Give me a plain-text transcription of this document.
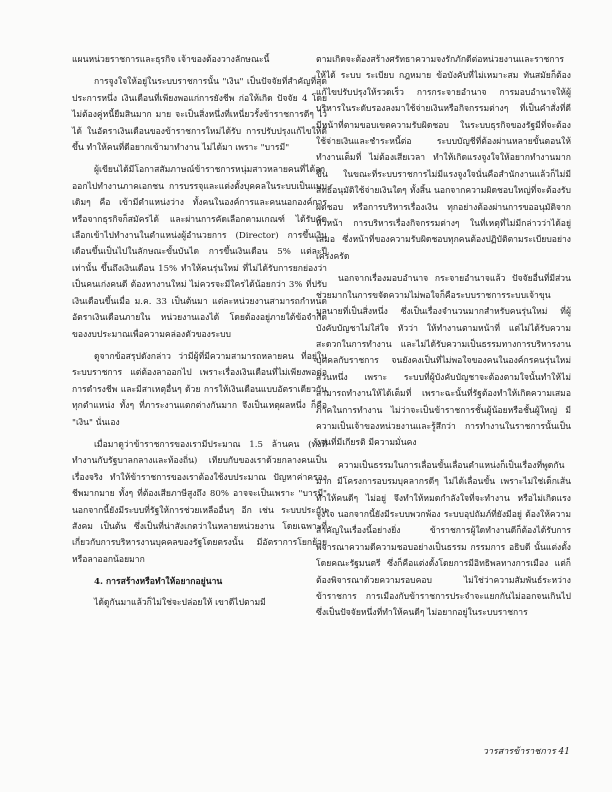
แผนหน่วยราชการและธุรกิจ เจ้าของต้องวางลักษณะนี้

การจูงใจให้อยู่ในระบบราชการนั้น "เงิน" เป็นปัจจัยที่สำคัญที่สุดประการหนึ่ง เงินเดือนที่เพียงพอแก่การยังชีพ ก่อให้เกิด ปัจจัย 4 โดยไม่ต้องคู่หนี้ยืมสินมาก มาย จะเป็นสิ่งหนึ่งที่เหนี่ยวรั้งข้าราชการดีๆ ไว้ได้ ในอัตราเงินเดือนของข้าราชการใหม่ได้รับ การปรับปรุงแก้ไขให้ดีขึ้น ทำให้คนที่ดีอยากเข้ามาทำงาน ไม่ได้มา เพราะ "บารมี"

ผู้เขียนได้มีโอกาสสัมภาษณ์ข้าราชการหนุ่มสาวหลายคนที่ได้ลาออกไปทำงานภาคเอกชน การบรรจุและแต่งตั้งบุคคลในระบบเป็นแบบเดิมๆ คือ เข้ามีตำแหน่งว่าง ทั้งคนในองค์การและคนนอกองค์การ หรือจากธุรกิจก็สมัครได้ และผ่านการคัดเลือกตามเกณฑ์ ได้รับคัดเลือกเข้าไปทำงานในตำแหน่งผู้อำนวยการ (Director) การขึ้นเงินเดือนขึ้นเป็นไปในลักษณะขั้นบันได การขึ้นเงินเดือน 5% แต่ละปีเท่านั้น ขึ้นถึงเงินเดือน 15% ทำให้คนรุ่นใหม่ ที่ไม่ได้รับการยกย่องว่าเป็นคนเก่งคนดี ต้องหางานใหม่ ไม่ควรจะมีใครได้น้อยกว่า 3% ที่ปรับเงินเดือนขึ้นเมื่อ ม.ค. 33 เป็นต้นมา แต่ละหน่วยงานสามารถกำหนดอัตราเงินเดือนภายใน หน่วยงานเองได้ โดยต้องอยู่ภายใต้ข้อจำกัด ของงบประมาณเพื่อความคล่องตัวของระบบ

ดูจากข้อสรุปดังกล่าว ว่ามีผู้ที่มีความสามารถหลายคน ที่อยู่ในระบบราชการ แต่ต้องลาออกไป เพราะเรื่องเงินเดือนที่ไม่เพียงพอต่อการดำรงชีพ และมีสาเหตุอื่นๆ ด้วย การให้เงินเดือนแบบอัตราเดียวกันทุกตำแหน่ง ทั้งๆ ที่ภาระงานแตกต่างกันมาก จึงเป็นเหตุผลหนึ่ง ก็คือ "เงิน" นั่นเอง

เมื่อมาดูว่าข้าราชการของเรามีประมาณ 1.5 ล้านคน (ทั้งที่ทำงานกับรัฐบาลกลางและท้องถิ่น) เทียบกับของเราด้วยกลางคนเป็นเรื่องจริง ทำให้ข้าราชการของเราต้องใช้งบประมาณ ปัญหาค่าครองชีพมากมาย ทั้งๆ ที่ต้องเสียภาษีสูงถึง 80% อาจจะเป็นเพราะ "บารมี" นอกจากนี้ยังมีระบบที่รัฐให้การช่วยเหลืออื่นๆ อีก เช่น ระบบประกันสังคม เป็นต้น ซึ่งเป็นที่น่าสังเกตว่าในหลายหน่วยงาน โดยเฉพาะที่เกี่ยวกับการบริหารงานบุคคลของรัฐโดยตรงนั้น มีอัตราการโยกย้ายหรือลาออกน้อยมาก

4. การสร้างหรือทำให้อยากอยู่นาน

ได้ดูกันมาแล้วก็ไม่ใช่จะปล่อยให้ เขาดีไปตามมี

ตามเกิดจะต้องสร้างศรัทธาความจงรักภักดีต่อหน่วยงานและราชการให้ได้ ระบบ ระเบียบ กฎหมาย ข้อบังคับที่ไม่เหมาะสม ทันสมัยก็ต้องแก้ไขปรับปรุงให้รวดเร็ว การกระจายอำนาจ การมอบอำนาจให้ผู้บริหารในระดับรองลงมาใช้จ่ายเงินหรือกิจกรรมต่างๆ ที่เป็นคำสั่งที่ดี มีหน้าที่ตามขอบเขตความรับผิดชอบ ในระบบธุรกิจของรัฐมีที่จะต้องใช้จ่ายเงินและชำระหนี้ต่อ ระบบบัญชีที่ต้องผ่านหลายขั้นตอนให้ทำงานเต็มที่ ไม่ต้องเสียเวลา ทำให้เกิดแรงจูงใจให้อยากทำงานมากขึ้น ในขณะที่ระบบราชการไม่มีแรงจูงใจนั่นคือสำนักงานแล้วก็ไม่มีสิทธิ์อนุมัติใช้จ่ายเงินใดๆ ทั้งสิ้น นอกจากความผิดชอบใหญ่ที่จะต้องรับผิดชอบ หรือการบริหารเรื่องเงิน ทุกอย่างต้องผ่านการขออนุมัติจากหัวหน้า การบริหารเรื่องกิจกรรมต่างๆ ในที่เหตุที่ไม่มีกล่าวว่าได้อยู่เสมอ ซึ่งหน้าที่ของความรับผิดชอบทุกคนต้องปฏิบัติตามระเบียบอย่างเคร่งครัด

นอกจากเรื่องมอบอำนาจ กระจายอำนาจแล้ว ปัจจัยอื่นที่มีส่วนช่วยมากในการขจัดความไม่พอใจก็คือระบบราชการระบบเจ้าขุนมูลนายที่เป็นสิ่งหนึ่ง ซึ่งเป็นเรื่องจำนวนมากสำหรับคนรุ่นใหม่ ที่ผู้บังคับบัญชาไม่ใส่ใจ หัวว่า ให้ทำงานตามหน้าที่ แต่ไม่ได้รับความสะดวกในการทำงาน และไม่ได้รับความเป็นธรรมทางการบริหารงานบุคคลกับราชการ จนยังคงเป็นที่ไม่พอใจของคนในองค์กรคนรุ่นใหม่ส่วนหนึ่ง เพราะ ระบบที่ผู้บังคับบัญชาจะต้องตามใจนั้นทำให้ไม่สามารถทำงานให้ได้เต็มที่ เพราะฉะนั้นที่รัฐต้องทำให้เกิดความเสมอภาคในการทำงาน ไม่ว่าจะเป็นข้าราชการชั้นผู้น้อยหรือชั้นผู้ใหญ่ มีความเป็นเจ้าของหน่วยงานและรู้สึกว่า การทำงานในราชการนั้นเป็นงานที่มีเกียรติ มีความมั่นคง

ความเป็นธรรมในการเลื่อนขั้นเลื่อนตำแหน่งก็เป็นเรื่องที่พูดกันมาก มีโครงการอบรมบุคลากรดีๆ ไม่ได้เลื่อนขั้น เพราะไม่ใช่เด็กเส้น ทำให้คนดีๆ ไม่อยู่ จึงทำให้หมดกำลังใจที่จะทำงาน หรือไม่เกิดแรงจูงใจ นอกจากนี้ยังมีระบบพวกพ้อง ระบบอุปถัมภ์ที่ยังมีอยู่ ต้องให้ความสำคัญในเรื่องนี้อย่างยิ่ง ข้าราชการผู้ใดทำงานดีก็ต้องได้รับการพิจารณาความดีความชอบอย่างเป็นธรรม กรรมการ อธิบดี นั้นแต่งตั้งโดยคณะรัฐมนตรี ซึ่งก็คือแต่งตั้งโดยการมีอิทธิพลทางการเมือง แต่ก็ต้องพิจารณาด้วยความรอบคอบ ไม่ใช่ว่าความสัมพันธ์ระหว่างข้าราชการ การเมืองกับข้าราชการประจำจะแยกกันไม่ออกจนเกินไป ซึ่งเป็นปัจจัยหนึ่งที่ทำให้คนดีๆ ไม่อยากอยู่ในระบบราชการ

วารสารข้าราชการ 41
